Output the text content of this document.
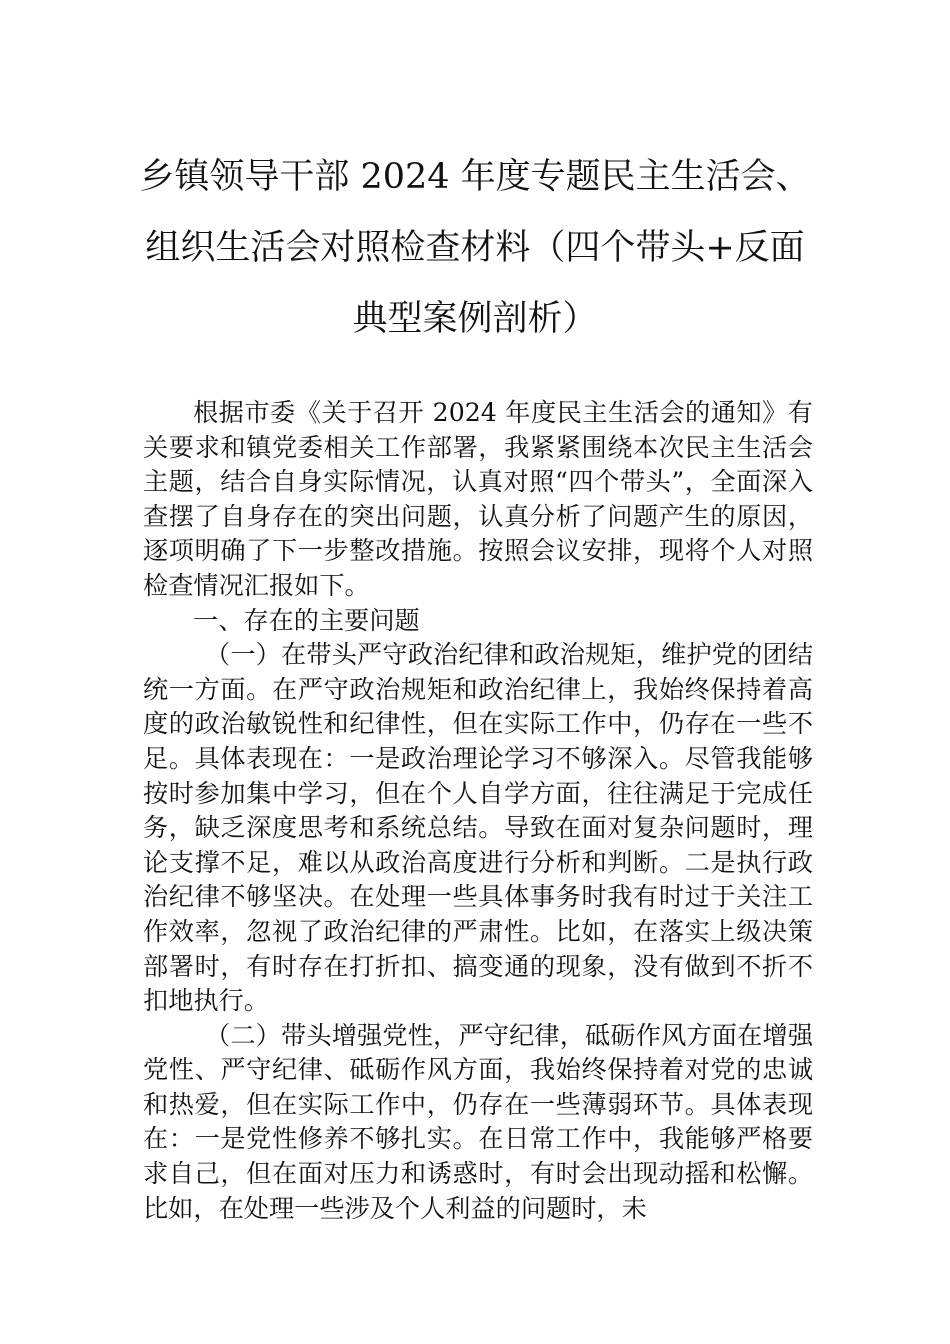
乡镇领导干部 2024 年度专题民主生活会、
组织生活会对照检查材料（四个带头+反面
典型案例剖析）

根据市委《关于召开 2024 年度民主生活会的通知》有关要求和镇党委相关工作部署，我紧紧围绕本次民主生活会主题，结合自身实际情况，认真对照“四个带头”，全面深入查摆了自身存在的突出问题，认真分析了问题产生的原因，逐项明确了下一步整改措施。按照会议安排，现将个人对照检查情况汇报如下。

一、存在的主要问题

（一）在带头严守政治纪律和政治规矩，维护党的团结统一方面。在严守政治规矩和政治纪律上，我始终保持着高度的政治敏锐性和纪律性，但在实际工作中，仍存在一些不足。具体表现在：一是政治理论学习不够深入。尽管我能够按时参加集中学习，但在个人自学方面，往往满足于完成任务，缺乏深度思考和系统总结。导致在面对复杂问题时，理论支撑不足，难以从政治高度进行分析和判断。二是执行政治纪律不够坚决。在处理一些具体事务时我有时过于关注工作效率，忽视了政治纪律的严肃性。比如，在落实上级决策部署时，有时存在打折扣、搞变通的现象，没有做到不折不扣地执行。

（二）带头增强党性，严守纪律，砥砺作风方面在增强党性、严守纪律、砥砺作风方面，我始终保持着对党的忠诚和热爱，但在实际工作中，仍存在一些薄弱环节。具体表现在：一是党性修养不够扎实。在日常工作中，我能够严格要求自己，但在面对压力和诱惑时，有时会出现动摇和松懈。比如，在处理一些涉及个人利益的问题时，未
